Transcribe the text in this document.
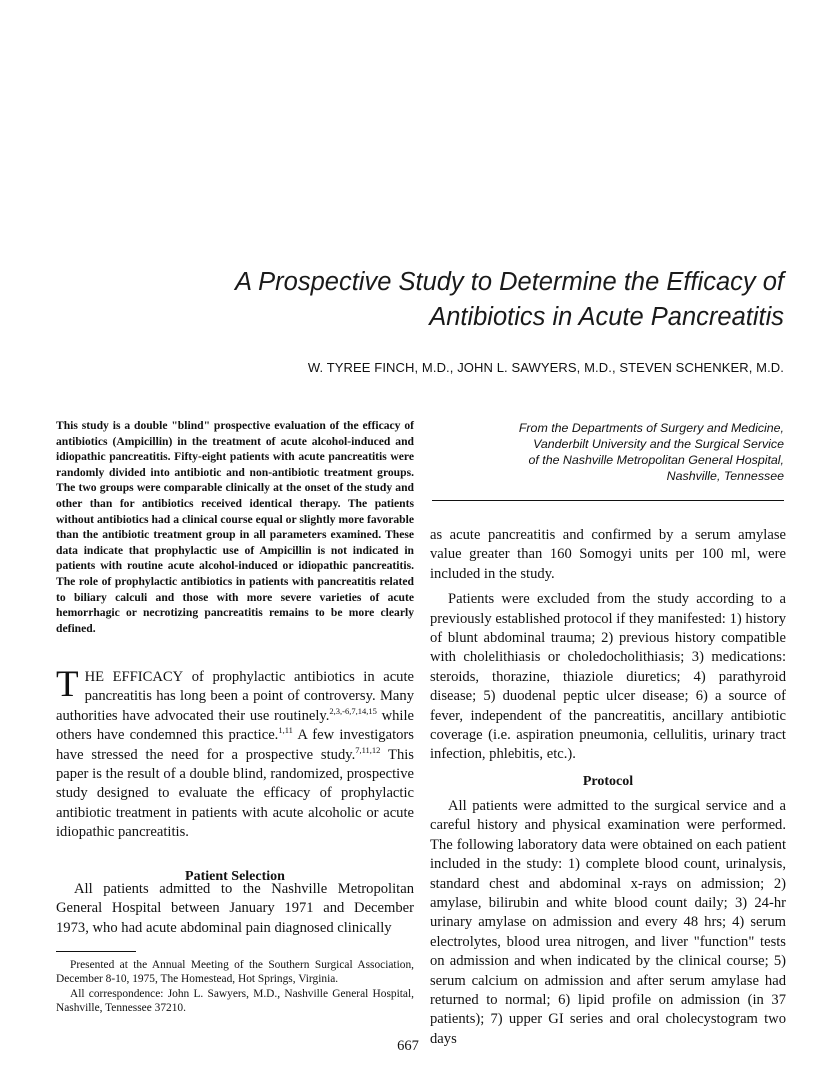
A Prospective Study to Determine the Efficacy of
Antibiotics in Acute Pancreatitis
W. TYREE FINCH, M.D., JOHN L. SAWYERS, M.D., STEVEN SCHENKER, M.D.

This study is a double "blind" prospective evaluation of the efficacy of antibiotics (Ampicillin) in the treatment of acute alcohol-induced and idiopathic pancreatitis. Fifty-eight patients with acute pancreatitis were randomly divided into antibiotic and non-antibiotic treatment groups. The two groups were comparable clinically at the onset of the study and other than for antibiotics received identical therapy. The patients without antibiotics had a clinical course equal or slightly more favorable than the antibiotic treatment group in all parameters examined. These data indicate that prophylactic use of Ampicillin is not indicated in patients with routine acute alcohol-induced or idiopathic pancreatitis. The role of prophylactic antibiotics in patients with pancreatitis related to biliary calculi and those with more severe varieties of acute hemorrhagic or necrotizing pancreatitis remains to be more clearly defined.

From the Departments of Surgery and Medicine,
Vanderbilt University and the Surgical Service
of the Nashville Metropolitan General Hospital,
Nashville, Tennessee

THE EFFICACY of prophylactic antibiotics in acute pancreatitis has long been a point of controversy. Many authorities have advocated their use routinely.$^{2,3,-6,7,14,15}$ while others have condemned this practice.$^{1,11}$ A few investigators have stressed the need for a prospective study.$^{7,11,12}$ This paper is the result of a double blind, randomized, prospective study designed to evaluate the efficacy of prophylactic antibiotic treatment in patients with acute alcoholic or acute idiopathic pancreatitis.

Patient Selection

All patients admitted to the Nashville Metropolitan General Hospital between January 1971 and December 1973, who had acute abdominal pain diagnosed clinically

Presented at the Annual Meeting of the Southern Surgical Association, December 8-10, 1975, The Homestead, Hot Springs, Virginia.

All correspondence: John L. Sawyers, M.D., Nashville General Hospital, Nashville, Tennessee 37210.

as acute pancreatitis and confirmed by a serum amylase value greater than 160 Somogyi units per 100 ml, were included in the study.

Patients were excluded from the study according to a previously established protocol if they manifested: 1) history of blunt abdominal trauma; 2) previous history compatible with cholelithiasis or choledocholithiasis; 3) medications: steroids, thorazine, thiaziole diuretics; 4) parathyroid disease; 5) duodenal peptic ulcer disease; 6) a source of fever, independent of the pancreatitis, ancillary antibiotic coverage (i.e. aspiration pneumonia, cellulitis, urinary tract infection, phlebitis, etc.).

Protocol

All patients were admitted to the surgical service and a careful history and physical examination were performed. The following laboratory data were obtained on each patient included in the study: 1) complete blood count, urinalysis, standard chest and abdominal x-rays on admission; 2) amylase, bilirubin and white blood count daily; 3) 24-hr urinary amylase on admission and every 48 hrs; 4) serum electrolytes, blood urea nitrogen, and liver "function" tests on admission and when indicated by the clinical course; 5) serum calcium on admission and after serum amylase had returned to normal; 6) lipid profile on admission (in 37 patients); 7) upper GI series and oral cholecystogram two days

667
